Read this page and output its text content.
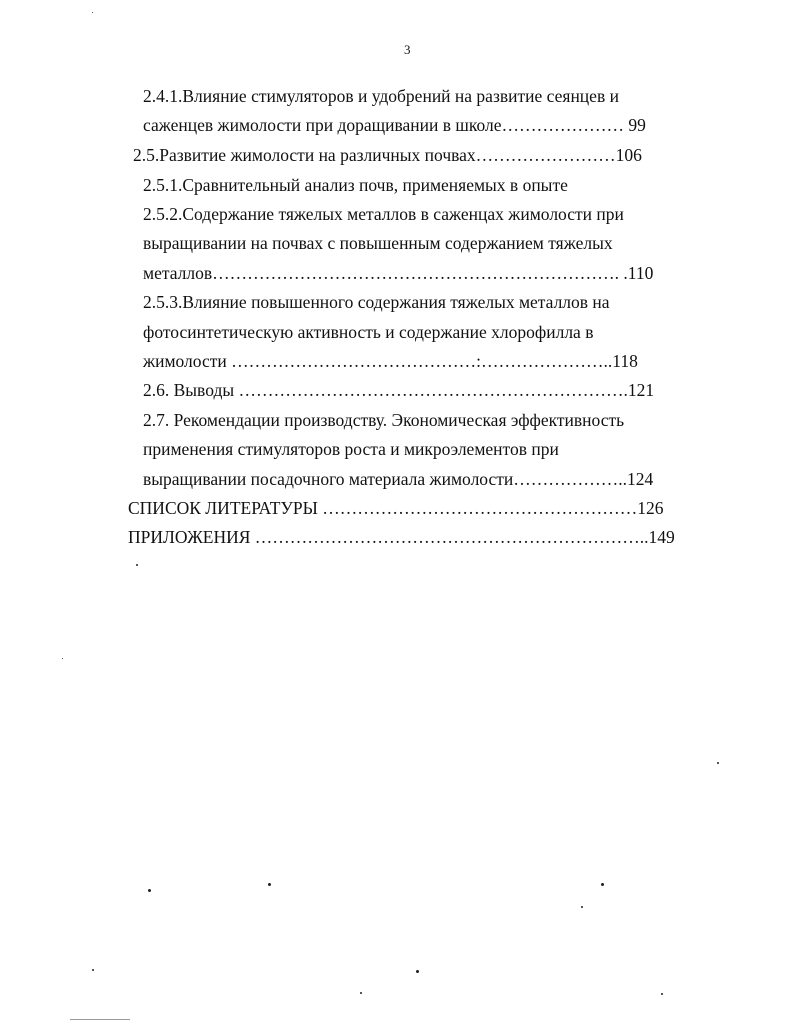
3
2.4.1.Влияние стимуляторов и удобрений на развитие сеянцев и
саженцев жимолости при доращивании в школе………………… 99
2.5.Развитие жимолости на различных почвах……………………106
2.5.1.Сравнительный анализ почв, применяемых в опыте
2.5.2.Содержание тяжелых металлов в саженцах жимолости при
выращивании на почвах с повышенным содержанием тяжелых
металлов……………………………………………………………. .110
2.5.3.Влияние повышенного содержания тяжелых металлов на
фотосинтетическую активность и содержание хлорофилла в
жимолости ……………………………………:…………………..118
2.6. Выводы ………………………………………………………….121
2.7. Рекомендации производству. Экономическая эффективность
применения стимуляторов роста и микроэлементов при
выращивании посадочного материала жимолости………………..124
СПИСОК ЛИТЕРАТУРЫ ………………………………………………126
ПРИЛОЖЕНИЯ …………………………………………………………..149
